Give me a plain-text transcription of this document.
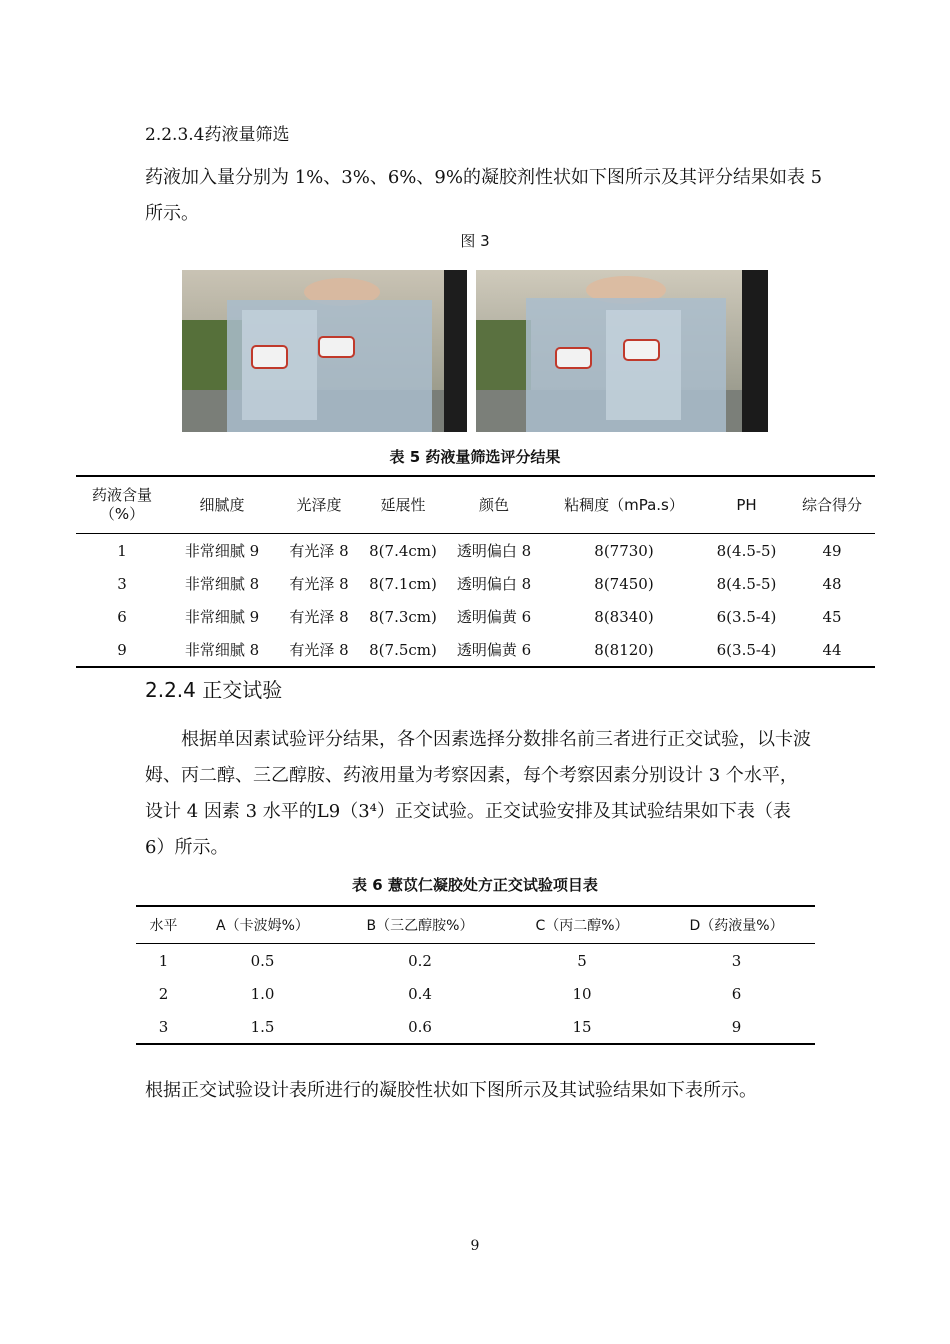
2.2.3.4药液量筛选
药液加入量分别为 1%、3%、6%、9%的凝胶剂性状如下图所示及其评分结果如表 5 所示。
图 3
表 5 药液量筛选评分结果
药液含量（%）	细腻度	光泽度	延展性	颜色	粘稠度（mPa.s）	PH	综合得分
1	非常细腻 9	有光泽 8	8(7.4cm)	透明偏白 8	8(7730)	8(4.5-5)	49
3	非常细腻 8	有光泽 8	8(7.1cm)	透明偏白 8	8(7450)	8(4.5-5)	48
6	非常细腻 9	有光泽 8	8(7.3cm)	透明偏黄 6	8(8340)	6(3.5-4)	45
9	非常细腻 8	有光泽 8	8(7.5cm)	透明偏黄 6	8(8120)	6(3.5-4)	44
2.2.4 正交试验
根据单因素试验评分结果，各个因素选择分数排名前三者进行正交试验，以卡波姆、丙二醇、三乙醇胺、药液用量为考察因素，每个考察因素分别设计 3 个水平，设计 4 因素 3 水平的L9（3⁴）正交试验。正交试验安排及其试验结果如下表（表 6）所示。
表 6 薏苡仁凝胶处方正交试验项目表
水平	A（卡波姆%）	B（三乙醇胺%）	C（丙二醇%）	D（药液量%）
1	0.5	0.2	5	3
2	1.0	0.4	10	6
3	1.5	0.6	15	9
根据正交试验设计表所进行的凝胶性状如下图所示及其试验结果如下表所示。
9
